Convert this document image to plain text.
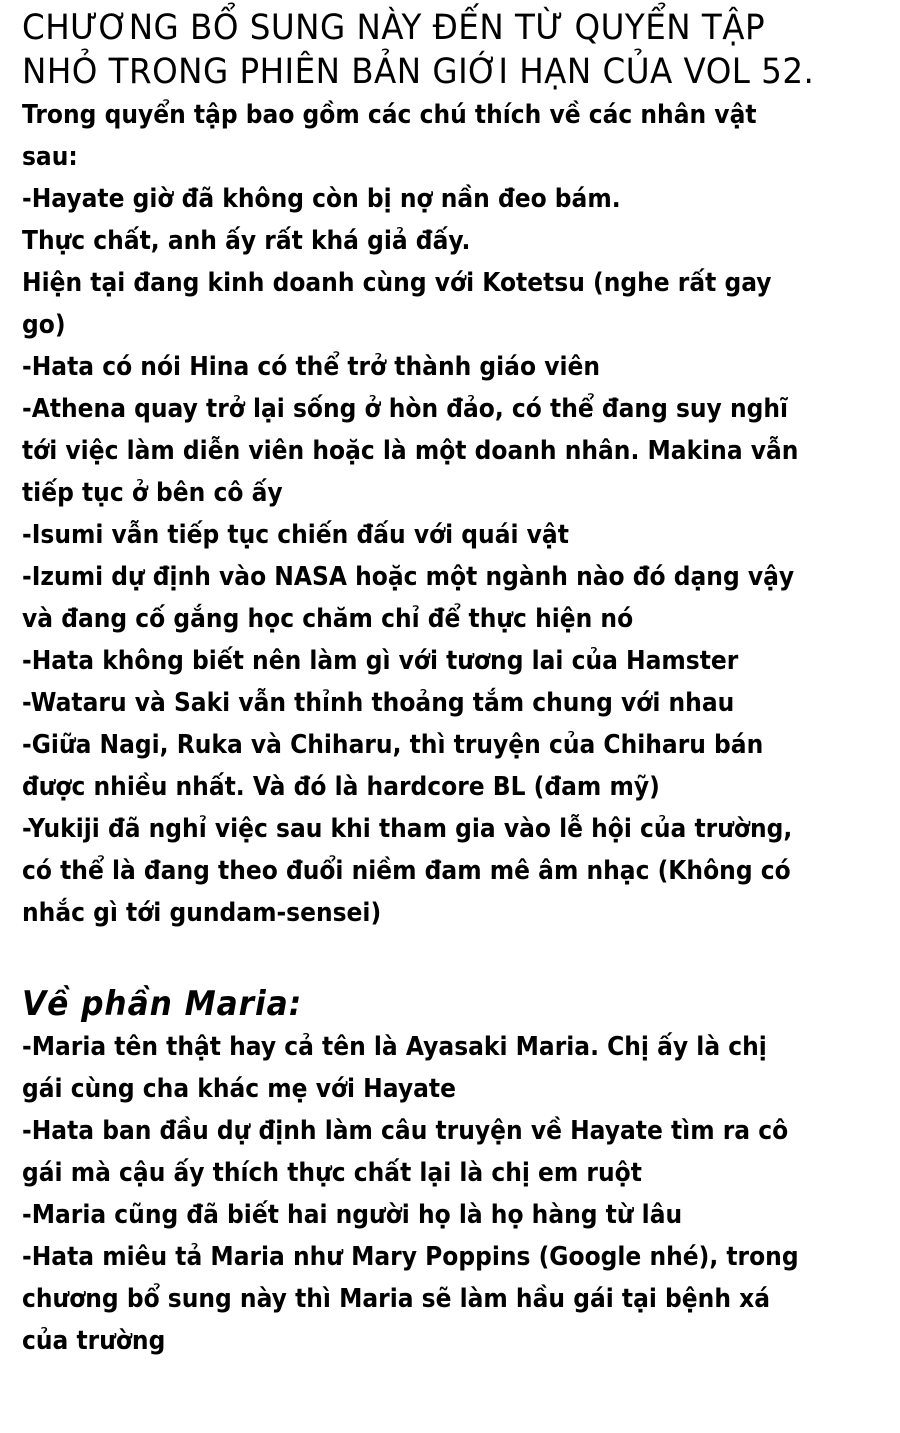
CHƯƠNG BỔ SUNG NÀY ĐẾN TỪ QUYỂN TẬP

NHỎ TRONG PHIÊN BẢN GIỚI HẠN CỦA VOL 52.

Trong quyển tập bao gồm các chú thích về các nhân vật

sau:

-Hayate giờ đã không còn bị nợ nần đeo bám.

Thực chất, anh ấy rất khá giả đấy.

Hiện tại đang kinh doanh cùng với Kotetsu (nghe rất gay

go)

-Hata có nói Hina có thể trở thành giáo viên

-Athena quay trở lại sống ở hòn đảo, có thể đang suy nghĩ

tới việc làm diễn viên hoặc là một doanh nhân. Makina vẫn

tiếp tục ở bên cô ấy

-Isumi vẫn tiếp tục chiến đấu với quái vật

-Izumi dự định vào NASA hoặc một ngành nào đó dạng vậy

và đang cố gắng học chăm chỉ để thực hiện nó

-Hata không biết nên làm gì với tương lai của Hamster

-Wataru và Saki vẫn thỉnh thoảng tắm chung với nhau

-Giữa Nagi, Ruka và Chiharu, thì truyện của Chiharu bán

được nhiều nhất. Và đó là hardcore BL (đam mỹ)

-Yukiji đã nghỉ việc sau khi tham gia vào lễ hội của trường,

có thể là đang theo đuổi niềm đam mê âm nhạc (Không có

nhắc gì tới gundam-sensei)

Về phần Maria:

-Maria tên thật hay cả tên là Ayasaki Maria. Chị ấy là chị

gái cùng cha khác mẹ với Hayate

-Hata ban đầu dự định làm câu truyện về Hayate tìm ra cô

gái mà cậu ấy thích thực chất lại là chị em ruột

-Maria cũng đã biết hai người họ là họ hàng từ lâu

-Hata miêu tả Maria như Mary Poppins (Google nhé), trong

chương bổ sung này thì Maria sẽ làm hầu gái tại bệnh xá

của trường
